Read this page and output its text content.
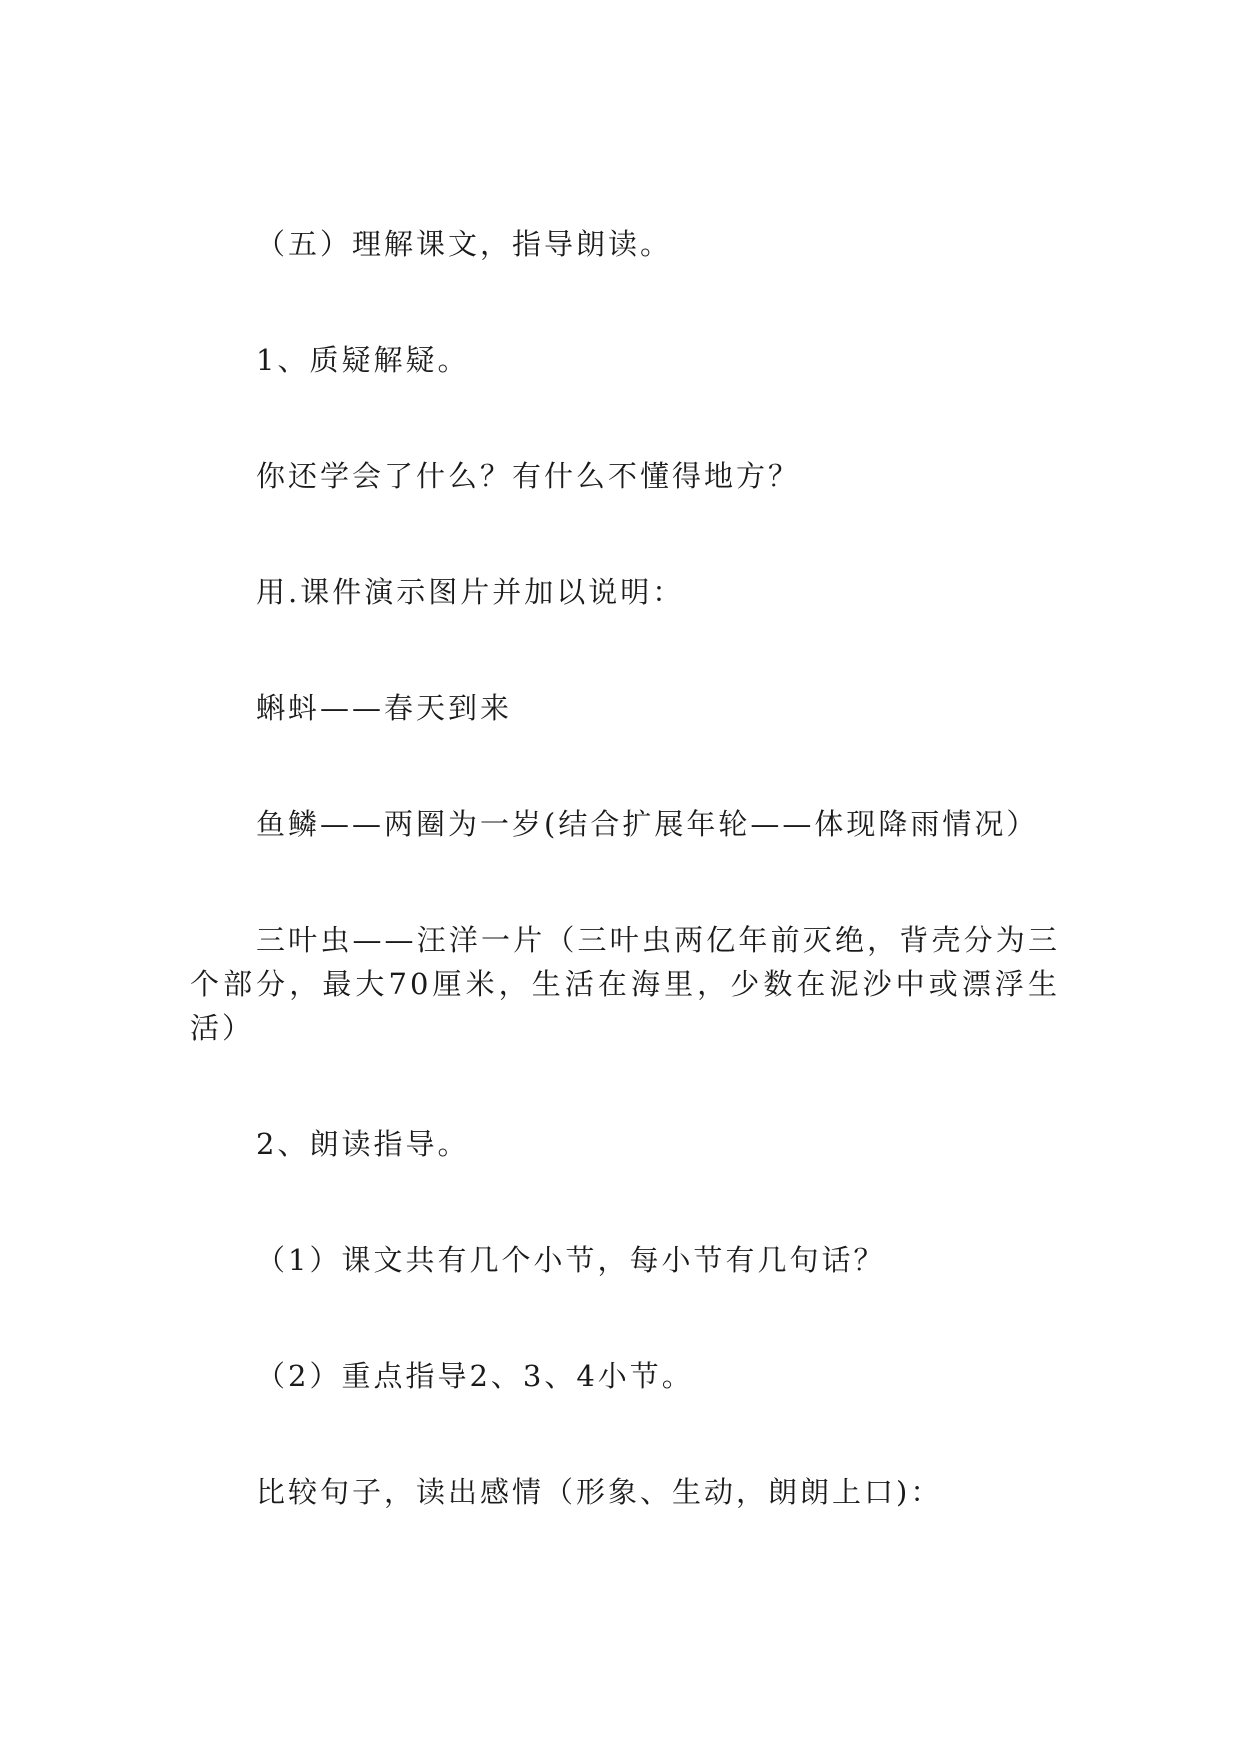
（五）理解课文，指导朗读。

1、质疑解疑。

你还学会了什么？有什么不懂得地方？

用.课件演示图片并加以说明：

蝌蚪——春天到来

鱼鳞——两圈为一岁(结合扩展年轮——体现降雨情况）

三叶虫——汪洋一片（三叶虫两亿年前灭绝，背壳分为三个部分，最大70厘米，生活在海里，少数在泥沙中或漂浮生活）

2、朗读指导。

（1）课文共有几个小节，每小节有几句话？

（2）重点指导2、3、4小节。

比较句子，读出感情（形象、生动，朗朗上口)：
